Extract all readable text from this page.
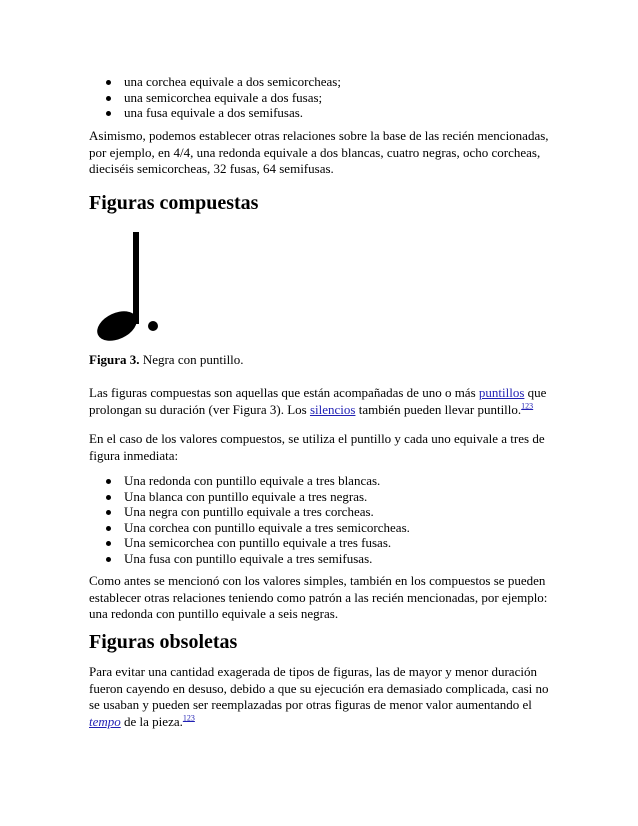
una corchea equivale a dos semicorcheas;
una semicorchea equivale a dos fusas;
una fusa equivale a dos semifusas.

Asimismo, podemos establecer otras relaciones sobre la base de las recién mencionadas, por ejemplo, en 4/4, una redonda equivale a dos blancas, cuatro negras, ocho corcheas, dieciséis semicorcheas, 32 fusas, 64 semifusas.

Figuras compuestas

Figura 3. Negra con puntillo.

Las figuras compuestas son aquellas que están acompañadas de uno o más puntillos que prolongan su duración (ver Figura 3). Los silencios también pueden llevar puntillo.$^{123}$

En el caso de los valores compuestos, se utiliza el puntillo y cada uno equivale a tres de figura inmediata:

Una redonda con puntillo equivale a tres blancas.
Una blanca con puntillo equivale a tres negras.
Una negra con puntillo equivale a tres corcheas.
Una corchea con puntillo equivale a tres semicorcheas.
Una semicorchea con puntillo equivale a tres fusas.
Una fusa con puntillo equivale a tres semifusas.

Como antes se mencionó con los valores simples, también en los compuestos se pueden establecer otras relaciones teniendo como patrón a las recién mencionadas, por ejemplo: una redonda con puntillo equivale a seis negras.

Figuras obsoletas

Para evitar una cantidad exagerada de tipos de figuras, las de mayor y menor duración fueron cayendo en desuso, debido a que su ejecución era demasiado complicada, casi no se usaban y pueden ser reemplazadas por otras figuras de menor valor aumentando el tempo de la pieza.$^{123}$
